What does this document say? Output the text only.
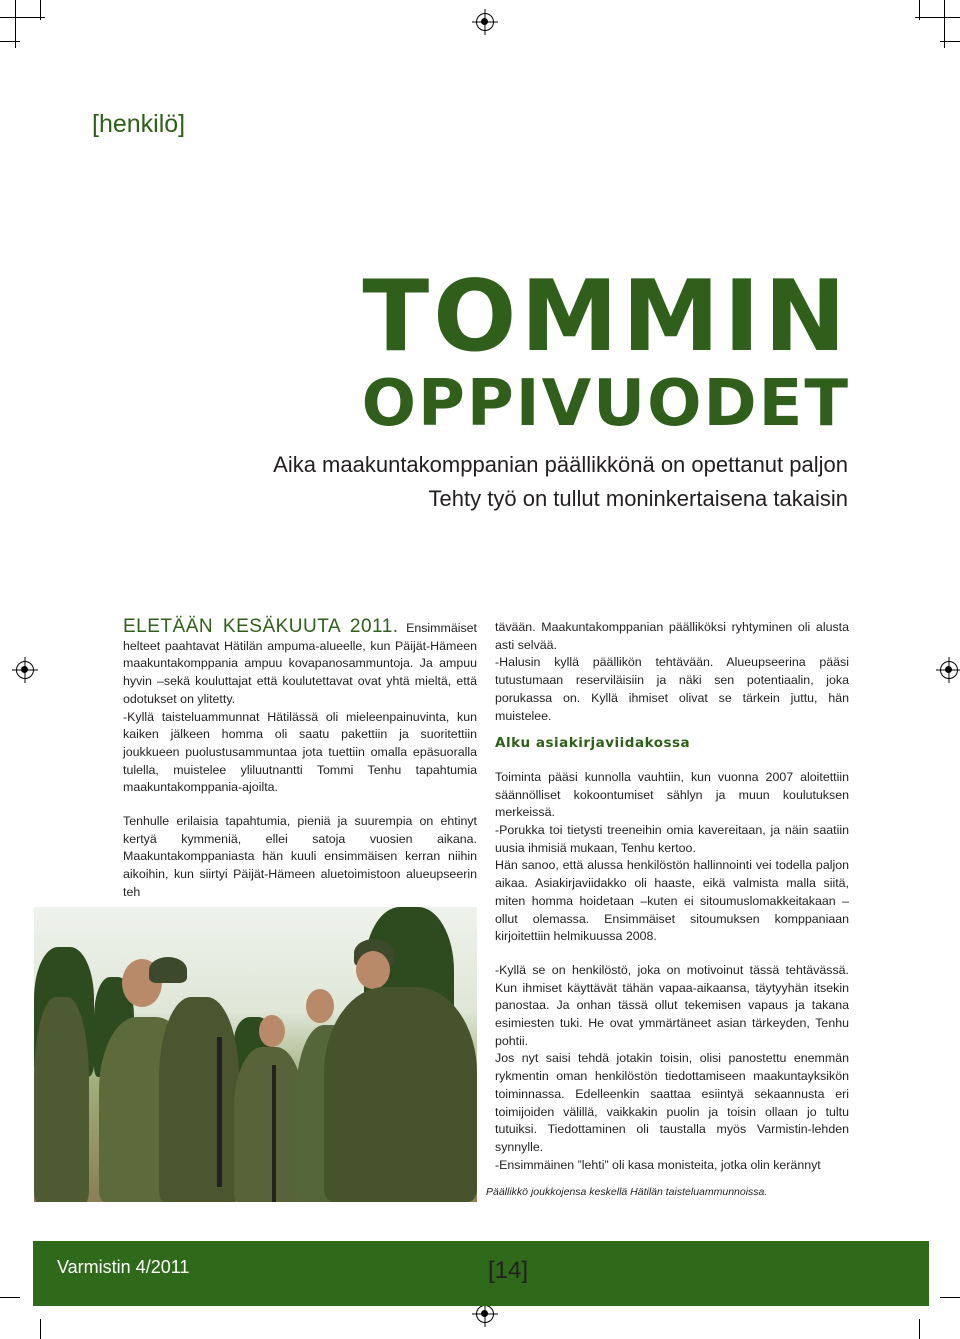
[henkilö]
TOMMIN
OPPIVUODET
Aika maakuntakomppanian päällikkönä on opettanut paljon
Tehty työ on tullut moninkertaisena takaisin

ELETÄÄN KESÄKUUTA 2011. Ensimmäiset helteet paahtavat Hätilän ampuma-alueelle, kun Päijät-Hämeen maakuntakomppania ampuu kovapanosammuntoja. Ja ampuu hyvin –sekä kouluttajat että koulutettavat ovat yhtä mieltä, että odotukset on ylitetty.

-Kyllä taisteluammunnat Hätilässä oli mieleenpainuvinta, kun kaiken jälkeen homma oli saatu pakettiin ja suoritettiin joukkueen puolustusammuntaa jota tuettiin omalla epäsuoralla tulella, muistelee yliluutnantti Tommi Tenhu tapahtumia maakuntakomppania-ajoilta.

Tenhulle erilaisia tapahtumia, pieniä ja suurempia on ehtinyt kertyä kymmeniä, ellei satoja vuosien aikana. Maakuntakomppaniasta hän kuuli ensimmäisen kerran niihin aikoihin, kun siirtyi Päijät-Hämeen aluetoimistoon alueupseerin teh

tävään. Maakuntakomppanian päälliköksi ryhtyminen oli alusta asti selvää.

-Halusin kyllä päällikön tehtävään. Alueupseerina pääsi tutustumaan reserviläisiin ja näki sen potentiaalin, joka porukassa on. Kyllä ihmiset olivat se tärkein juttu, hän muistelee.

Alku asiakirjaviidakossa

Toiminta pääsi kunnolla vauhtiin, kun vuonna 2007 aloitettiin säännölliset kokoontumiset sählyn ja muun koulutuksen merkeissä.

-Porukka toi tietysti treeneihin omia kavereitaan, ja näin saatiin uusia ihmisiä mukaan, Tenhu kertoo.

Hän sanoo, että alussa henkilöstön hallinnointi vei todella paljon aikaa. Asiakirjaviidakko oli haaste, eikä valmista malla siitä, miten homma hoidetaan –kuten ei sitoumuslomakkeitakaan – ollut olemassa. Ensimmäiset sitoumuksen komppaniaan kirjoitettiin helmikuussa 2008.

-Kyllä se on henkilöstö, joka on motivoinut tässä tehtävässä. Kun ihmiset käyttävät tähän vapaa-aikaansa, täytyyhän itsekin panostaa. Ja onhan tässä ollut tekemisen vapaus ja takana esimiesten tuki. He ovat ymmärtäneet asian tärkeyden, Tenhu pohtii.

Jos nyt saisi tehdä jotakin toisin, olisi panostettu enemmän rykmentin oman henkilöstön tiedottamiseen maakuntayksikön toiminnassa. Edelleenkin saattaa esiintyä sekaannusta eri toimijoiden välillä, vaikkakin puolin ja toisin ollaan jo tultu tutuiksi. Tiedottaminen oli taustalla myös Varmistin-lehden synnylle.

-Ensimmäinen ”lehti” oli kasa monisteita, jotka olin kerännyt

Päällikkö joukkojensa keskellä Hätilän taisteluammunnoissa.
Varmistin 4/2011	[14]
